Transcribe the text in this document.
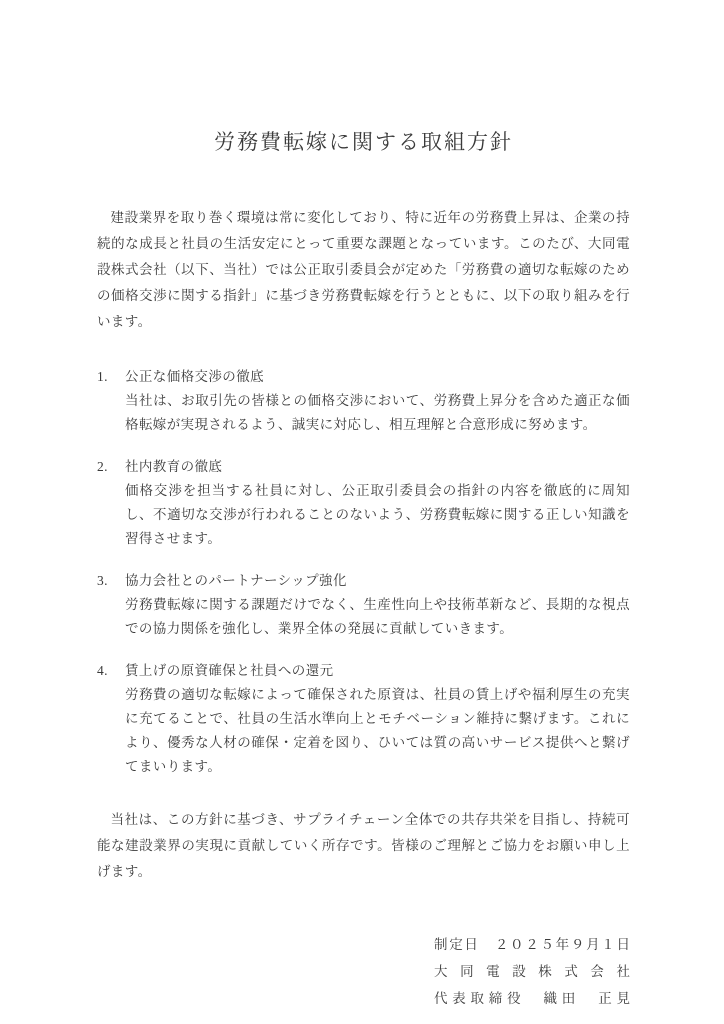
労務費転嫁に関する取組方針

建設業界を取り巻く環境は常に変化しており、特に近年の労務費上昇は、企業の持続的な成長と社員の生活安定にとって重要な課題となっています。このたび、大同電設株式会社（以下、当社）では公正取引委員会が定めた「労務費の適切な転嫁のための価格交渉に関する指針」に基づき労務費転嫁を行うとともに、以下の取り組みを行います。

1.	公正な価格交渉の徹底

当社は、お取引先の皆様との価格交渉において、労務費上昇分を含めた適正な価格転嫁が実現されるよう、誠実に対応し、相互理解と合意形成に努めます。

2.	社内教育の徹底

価格交渉を担当する社員に対し、公正取引委員会の指針の内容を徹底的に周知し、不適切な交渉が行われることのないよう、労務費転嫁に関する正しい知識を習得させます。

3.	協力会社とのパートナーシップ強化

労務費転嫁に関する課題だけでなく、生産性向上や技術革新など、長期的な視点での協力関係を強化し、業界全体の発展に貢献していきます。

4.	賃上げの原資確保と社員への還元

労務費の適切な転嫁によって確保された原資は、社員の賃上げや福利厚生の充実に充てることで、社員の生活水準向上とモチベーション維持に繋げます。これにより、優秀な人材の確保・定着を図り、ひいては質の高いサービス提供へと繋げてまいります。

当社は、この方針に基づき、サプライチェーン全体での共存共栄を目指し、持続可能な建設業界の実現に貢献していく所存です。皆様のご理解とご協力をお願い申し上げます。

制定日　２０２５年９月１日
大同電設株式会社
代表取締役　織田　正見
